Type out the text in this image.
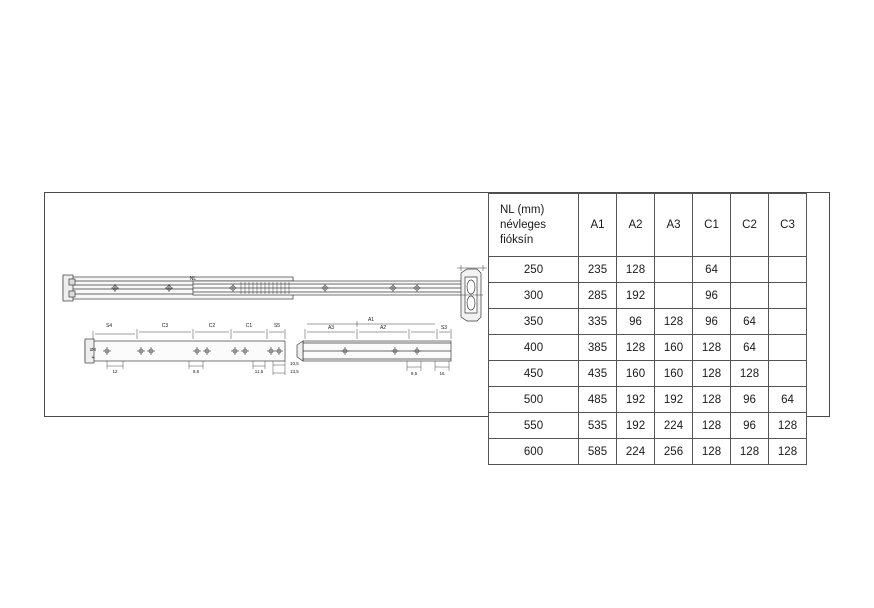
NL
S4	C3	C2	C1	S5	A3	A2
A1
S3
12	9,5	11,5
10,5
13,5	9,5	16
Ø8
+
NL (mm)
névleges
fióksín	A1	A2	A3	C1	C2	C3
250	235	128		64		
300	285	192		96		
350	335	96	128	96	64	
400	385	128	160	128	64	
450	435	160	160	128	128	
500	485	192	192	128	96	64
550	535	192	224	128	96	128
600	585	224	256	128	128	128
